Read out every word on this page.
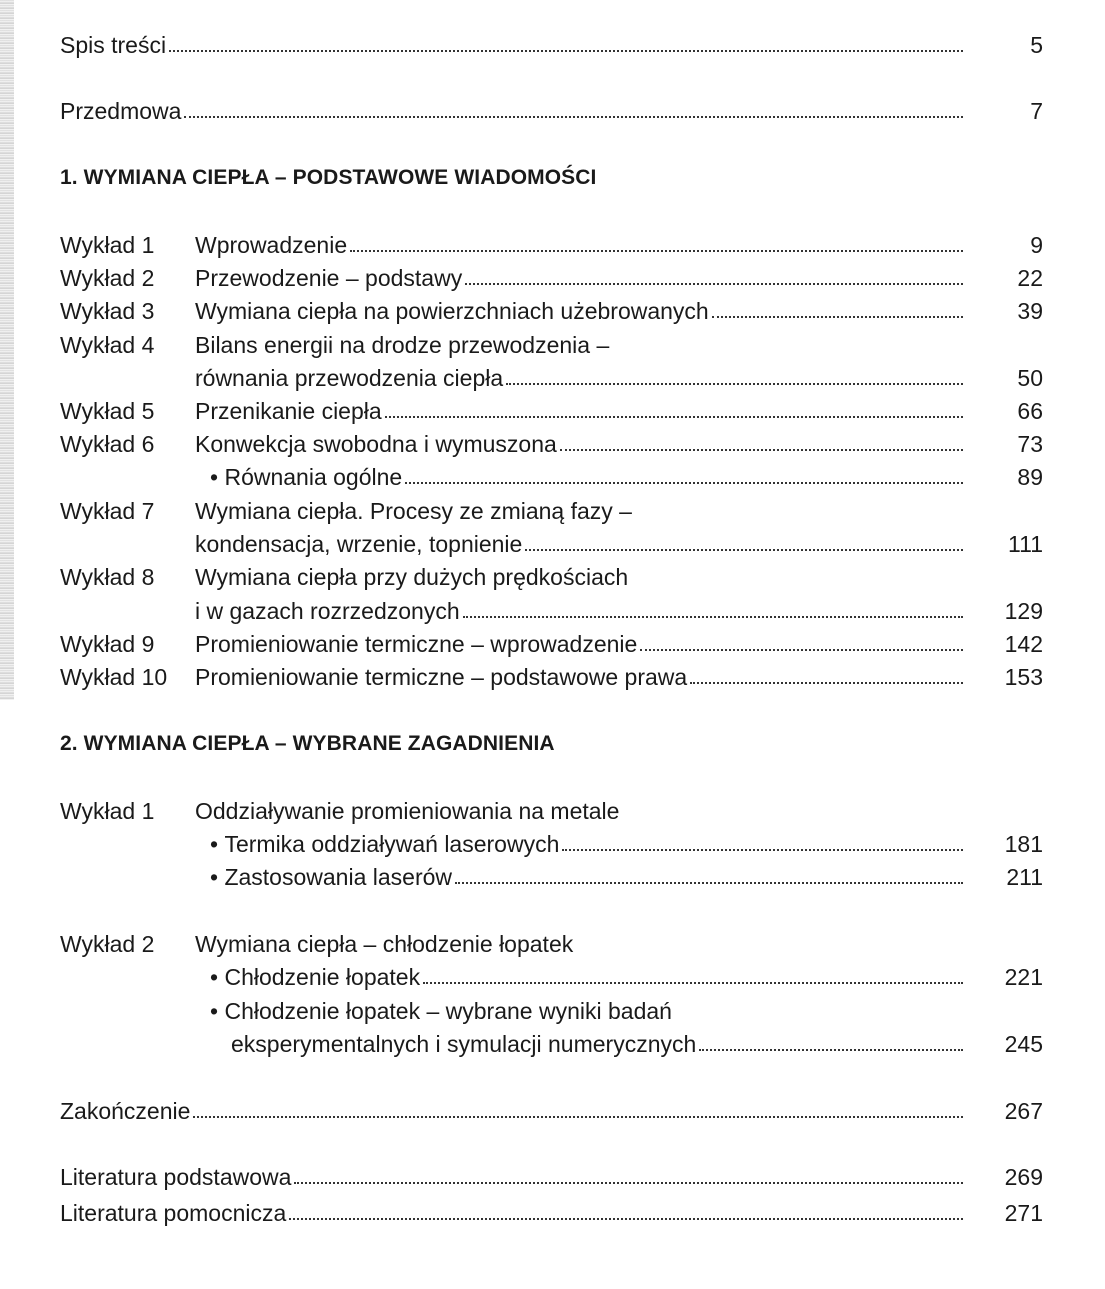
Spis treści	5
Przedmowa	7
1. WYMIANA CIEPŁA – PODSTAWOWE WIADOMOŚCI
Wykład 1	Wprowadzenie	9
Wykład 2	Przewodzenie – podstawy	22
Wykład 3	Wymiana ciepła na powierzchniach użebrowanych	39
Wykład 4	Bilans energii na drodze przewodzenia –
równania przewodzenia ciepła	50
Wykład 5	Przenikanie ciepła	66
Wykład 6	Konwekcja swobodna i wymuszona	73
• Równania ogólne	89
Wykład 7	Wymiana ciepła. Procesy ze zmianą fazy –
kondensacja, wrzenie, topnienie	111
Wykład 8	Wymiana ciepła przy dużych prędkościach
i w gazach rozrzedzonych	129
Wykład 9	Promieniowanie termiczne – wprowadzenie	142
Wykład 10	Promieniowanie termiczne – podstawowe prawa	153
2. WYMIANA CIEPŁA – WYBRANE ZAGADNIENIA
Wykład 1	Oddziaływanie promieniowania na metale
• Termika oddziaływań laserowych	181
• Zastosowania laserów	211
Wykład 2	Wymiana ciepła – chłodzenie łopatek
• Chłodzenie łopatek	221
• Chłodzenie łopatek – wybrane wyniki badań
eksperymentalnych i symulacji numerycznych	245
Zakończenie	267
Literatura podstawowa	269
Literatura pomocnicza	271
